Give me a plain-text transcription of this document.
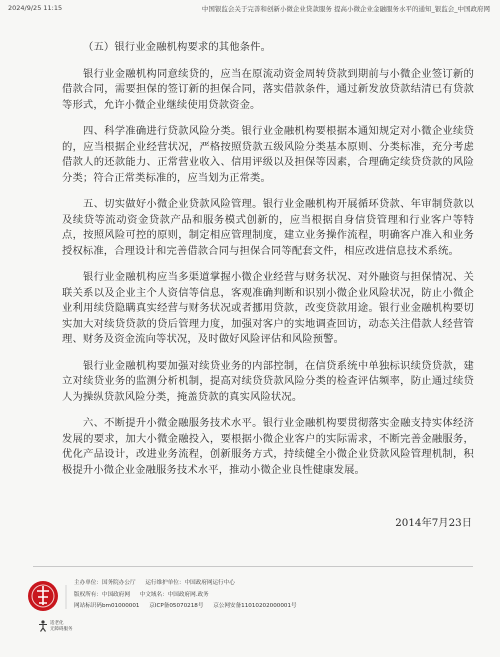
2024/9/25 11:15	中国银监会关于完善和创新小微企业贷款服务 提高小微企业金融服务水平的通知_银监会_中国政府网

（五）银行业金融机构要求的其他条件。

银行业金融机构同意续贷的，应当在原流动资金周转贷款到期前与小微企业签订新的借款合同，需要担保的签订新的担保合同，落实借款条件，通过新发放贷款结清已有贷款等形式，允许小微企业继续使用贷款资金。

四、科学准确进行贷款风险分类。银行业金融机构要根据本通知规定对小微企业续贷的，应当根据企业经营状况，严格按照贷款五级风险分类基本原则、分类标准，充分考虑借款人的还款能力、正常营业收入、信用评级以及担保等因素，合理确定续贷贷款的风险分类；符合正常类标准的，应当划为正常类。

五、切实做好小微企业贷款风险管理。银行业金融机构开展循环贷款、年审制贷款以及续贷等流动资金贷款产品和服务模式创新的，应当根据自身信贷管理和行业客户等特点，按照风险可控的原则，制定相应管理制度，建立业务操作流程，明确客户准入和业务授权标准，合理设计和完善借款合同与担保合同等配套文件，相应改进信息技术系统。

银行业金融机构应当多渠道掌握小微企业经营与财务状况、对外融资与担保情况、关联关系以及企业主个人资信等信息，客观准确判断和识别小微企业风险状况，防止小微企业利用续贷隐瞒真实经营与财务状况或者挪用贷款，改变贷款用途。银行业金融机构要切实加大对续贷贷款的贷后管理力度，加强对客户的实地调查回访，动态关注借款人经营管理、财务及资金流向等状况，及时做好风险评估和风险预警。

银行业金融机构要加强对续贷业务的内部控制，在信贷系统中单独标识续贷贷款，建立对续贷业务的监测分析机制，提高对续贷贷款风险分类的检查评估频率，防止通过续贷人为操纵贷款风险分类，掩盖贷款的真实风险状况。

六、不断提升小微金融服务技术水平。银行业金融机构要贯彻落实金融支持实体经济发展的要求，加大小微金融投入，要根据小微企业客户的实际需求，不断完善金融服务，优化产品设计，改进业务流程，创新服务方式，持续健全小微企业贷款风险管理机制，积极提升小微企业金融服务技术水平，推动小微企业良性健康发展。

2014年7月23日
主办单位：国务院办公厅 运行维护单位：中国政府网运行中心
版权所有：中国政府网 中文域名：中国政府网.政务
网站标识码bm01000001 京ICP备05070218号 京公网安备11010202000001号
适老化
无障碍服务
